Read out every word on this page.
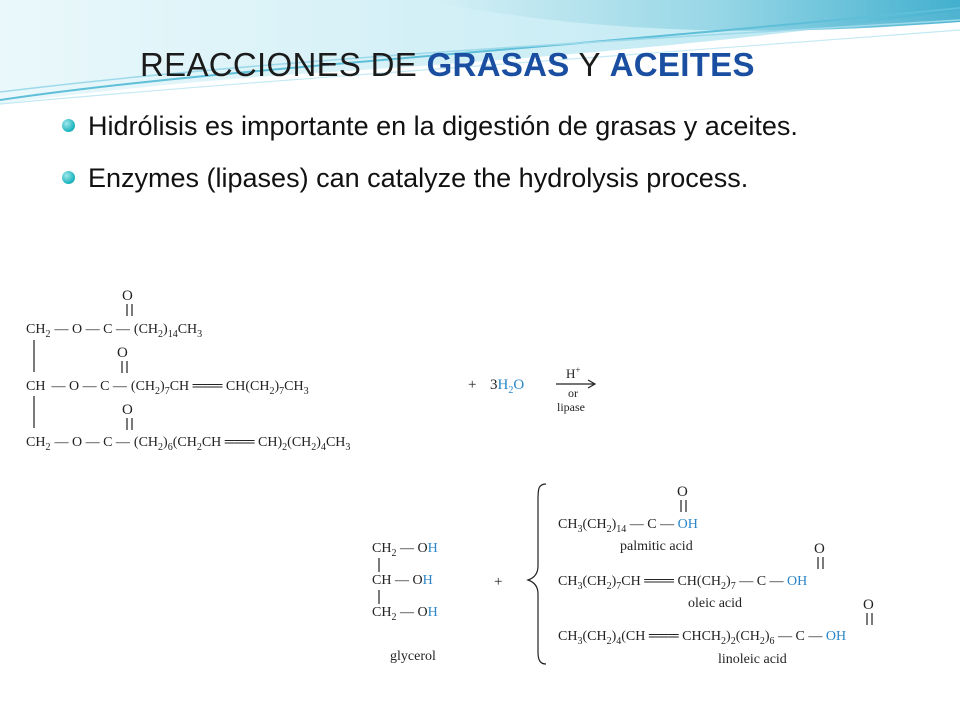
REACCIONES DE GRASAS Y ACEITES
Hidrólisis es importante en la digestión de grasas y aceites.
Enzymes (lipases) can catalyze the hydrolysis process.
O
O
O
$CH_2$ — O — C — $(CH_2)_{14}CH_3$
CH — O — C — $(CH_2)_7CH$ ═══ $CH(CH_2)_7CH_3$
$CH_2$ — O — C — $(CH_2)_6(CH_2CH$ ═══ $CH)_2(CH_2)_4CH_3$
+ $3H_2O$
H+
or
lipase
$CH_2$ — OH
CH — OH
$CH_2$ — OH
glycerol
+
O
$CH_3(CH_2)_{14}$ — C — OH
palmitic acid	O
$CH_3(CH_2)_7CH$ ═══ $CH(CH_2)_7$ — C — OH
oleic acid	O
$CH_3(CH_2)_4(CH$ ═══ $CHCH_2)_2(CH_2)_6$ — C — OH
linoleic acid
